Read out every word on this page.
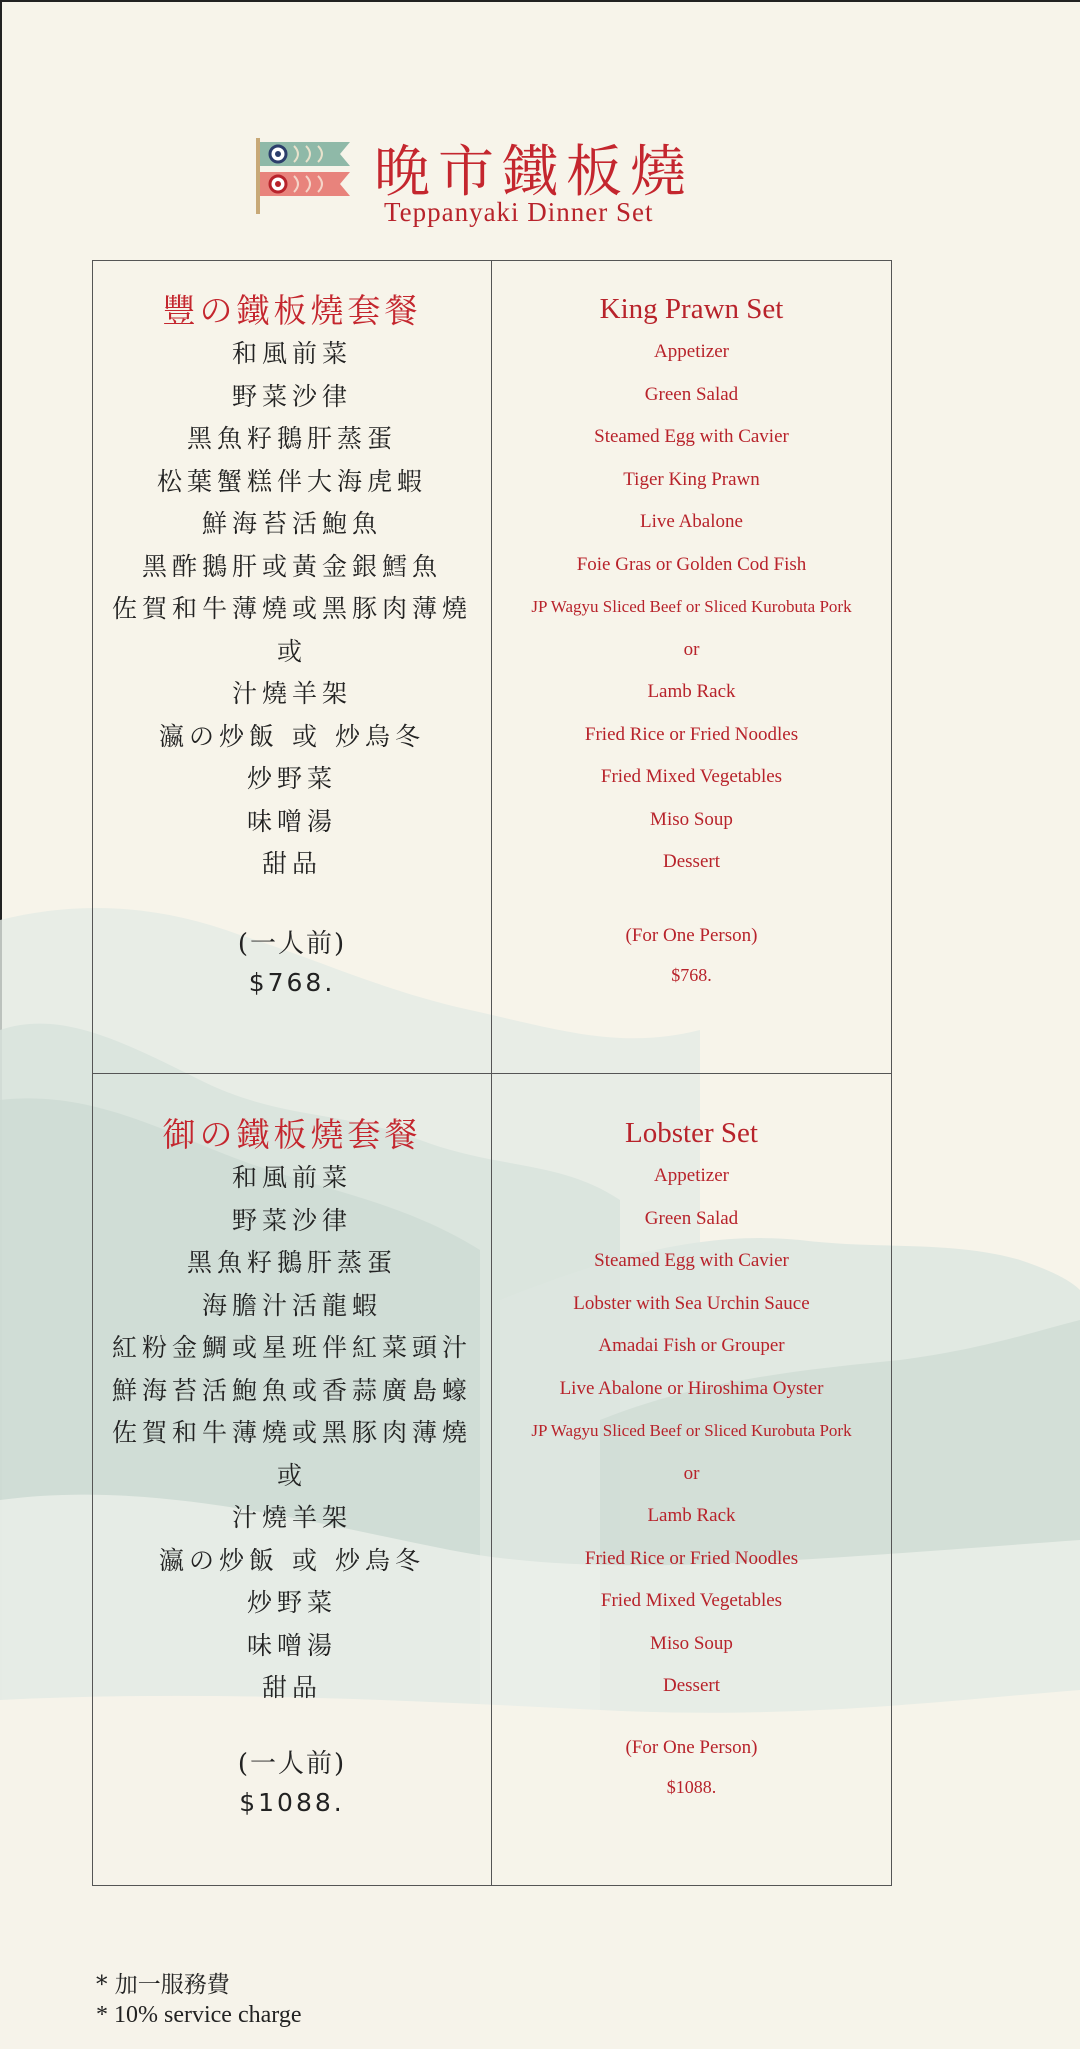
晚市鐵板燒
Teppanyaki Dinner Set
豐の鐵板燒套餐
和風前菜
野菜沙律
黑魚籽鵝肝蒸蛋
松葉蟹糕伴大海虎蝦
鮮海苔活鮑魚
黑酢鵝肝或黃金銀鱈魚
佐賀和牛薄燒或黑豚肉薄燒
或
汁燒羊架
瀛の炒飯 或 炒烏冬
炒野菜
味噌湯
甜品
(一人前)
$768.
King Prawn Set
Appetizer
Green Salad
Steamed Egg with Cavier
Tiger King Prawn
Live Abalone
Foie Gras or Golden Cod Fish
JP Wagyu Sliced Beef or Sliced Kurobuta Pork
or
Lamb Rack
Fried Rice or Fried Noodles
Fried Mixed Vegetables
Miso Soup
Dessert
(For One Person)
$768.
御の鐵板燒套餐
和風前菜
野菜沙律
黑魚籽鵝肝蒸蛋
海膽汁活龍蝦
紅粉金鯛或星班伴紅菜頭汁
鮮海苔活鮑魚或香蒜廣島蠔
佐賀和牛薄燒或黑豚肉薄燒
或
汁燒羊架
瀛の炒飯 或 炒烏冬
炒野菜
味噌湯
甜品
(一人前)
$1088.
Lobster Set
Appetizer
Green Salad
Steamed Egg with Cavier
Lobster with Sea Urchin Sauce
Amadai Fish or Grouper
Live Abalone or Hiroshima Oyster
JP Wagyu Sliced Beef or Sliced Kurobuta Pork
or
Lamb Rack
Fried Rice or Fried Noodles
Fried Mixed Vegetables
Miso Soup
Dessert
(For One Person)
$1088.
* 加一服務費
* 10% service charge
